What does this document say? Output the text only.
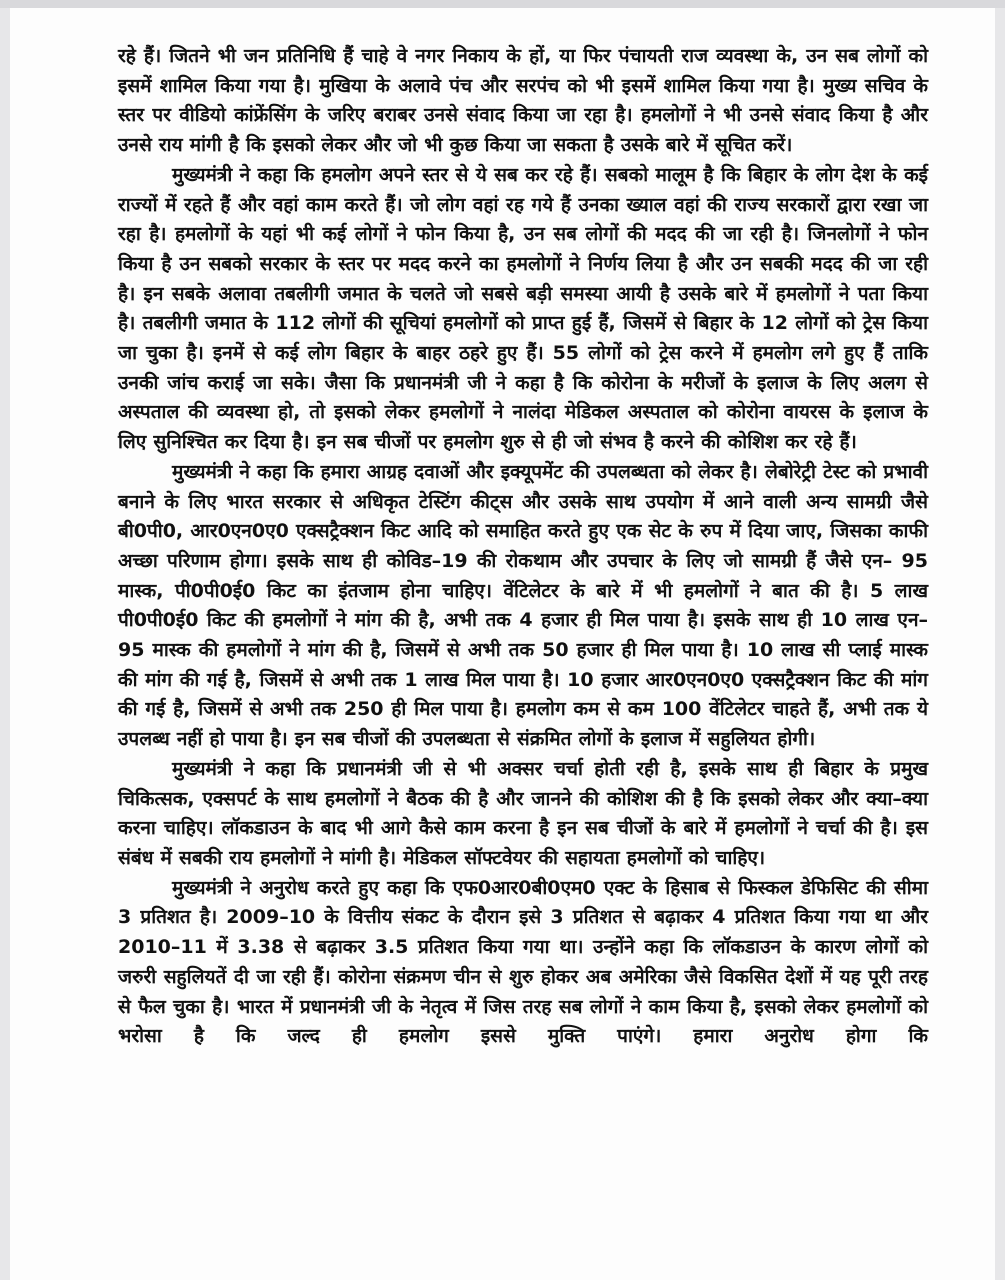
रहे हैं। जितने भी जन प्रतिनिधि हैं चाहे वे नगर निकाय के हों, या फिर पंचायती राज व्यवस्था के, उन सब लोगों को इसमें शामिल किया गया है। मुखिया के अलावे पंच और सरपंच को भी इसमें शामिल किया गया है। मुख्य सचिव के स्तर पर वीडियो कांफ्रेंसिंग के जरिए बराबर उनसे संवाद किया जा रहा है। हमलोगों ने भी उनसे संवाद किया है और उनसे राय मांगी है कि इसको लेकर और जो भी कुछ किया जा सकता है उसके बारे में सूचित करें।

मुख्यमंत्री ने कहा कि हमलोग अपने स्तर से ये सब कर रहे हैं। सबको मालूम है कि बिहार के लोग देश के कई राज्यों में रहते हैं और वहां काम करते हैं। जो लोग वहां रह गये हैं उनका ख्याल वहां की राज्य सरकारों द्वारा रखा जा रहा है। हमलोगों के यहां भी कई लोगों ने फोन किया है, उन सब लोगों की मदद की जा रही है। जिनलोगों ने फोन किया है उन सबको सरकार के स्तर पर मदद करने का हमलोगों ने निर्णय लिया है और उन सबकी मदद की जा रही है। इन सबके अलावा तबलीगी जमात के चलते जो सबसे बड़ी समस्या आयी है उसके बारे में हमलोगों ने पता किया है। तबलीगी जमात के 112 लोगों की सूचियां हमलोगों को प्राप्त हुई हैं, जिसमें से बिहार के 12 लोगों को ट्रेस किया जा चुका है। इनमें से कई लोग बिहार के बाहर ठहरे हुए हैं। 55 लोगों को ट्रेस करने में हमलोग लगे हुए हैं ताकि उनकी जांच कराई जा सके। जैसा कि प्रधानमंत्री जी ने कहा है कि कोरोना के मरीजों के इलाज के लिए अलग से अस्पताल की व्यवस्था हो, तो इसको लेकर हमलोगों ने नालंदा मेडिकल अस्पताल को कोरोना वायरस के इलाज के लिए सुनिश्चित कर दिया है। इन सब चीजों पर हमलोग शुरु से ही जो संभव है करने की कोशिश कर रहे हैं।

मुख्यमंत्री ने कहा कि हमारा आग्रह दवाओं और इक्यूपमेंट की उपलब्धता को लेकर है। लेबोरेट्री टेस्ट को प्रभावी बनाने के लिए भारत सरकार से अधिकृत टेस्टिंग कीट्स और उसके साथ उपयोग में आने वाली अन्य सामग्री जैसे बी0पी0, आर0एन0ए0 एक्सट्रैक्शन किट आदि को समाहित करते हुए एक सेट के रुप में दिया जाए, जिसका काफी अच्छा परिणाम होगा। इसके साथ ही कोविड–19 की रोकथाम और उपचार के लिए जो सामग्री हैं जैसे एन– 95 मास्क, पी0पी0ई0 किट का इंतजाम होना चाहिए। वेंटिलेटर के बारे में भी हमलोगों ने बात की है। 5 लाख पी0पी0ई0 किट की हमलोगों ने मांग की है, अभी तक 4 हजार ही मिल पाया है। इसके साथ ही 10 लाख एन– 95 मास्क की हमलोगों ने मांग की है, जिसमें से अभी तक 50 हजार ही मिल पाया है। 10 लाख सी प्लाई मास्क की मांग की गई है, जिसमें से अभी तक 1 लाख मिल पाया है। 10 हजार आर0एन0ए0 एक्सट्रैक्शन किट की मांग की गई है, जिसमें से अभी तक 250 ही मिल पाया है। हमलोग कम से कम 100 वेंटिलेटर चाहते हैं, अभी तक ये उपलब्ध नहीं हो पाया है। इन सब चीजों की उपलब्धता से संक्रमित लोगों के इलाज में सहुलियत होगी।

मुख्यमंत्री ने कहा कि प्रधानमंत्री जी से भी अक्सर चर्चा होती रही है, इसके साथ ही बिहार के प्रमुख चिकित्सक, एक्सपर्ट के साथ हमलोगों ने बैठक की है और जानने की कोशिश की है कि इसको लेकर और क्या–क्या करना चाहिए। लॉकडाउन के बाद भी आगे कैसे काम करना है इन सब चीजों के बारे में हमलोगों ने चर्चा की है। इस संबंध में सबकी राय हमलोगों ने मांगी है। मेडिकल सॉफ्टवेयर की सहायता हमलोगों को चाहिए।

मुख्यमंत्री ने अनुरोध करते हुए कहा कि एफ0आर0बी0एम0 एक्ट के हिसाब से फिस्कल डेफिसिट की सीमा 3 प्रतिशत है। 2009–10 के वित्तीय संकट के दौरान इसे 3 प्रतिशत से बढ़ाकर 4 प्रतिशत किया गया था और 2010–11 में 3.38 से बढ़ाकर 3.5 प्रतिशत किया गया था। उन्होंने कहा कि लॉकडाउन के कारण लोगों को जरुरी सहुलियतें दी जा रही हैं। कोरोना संक्रमण चीन से शुरु होकर अब अमेरिका जैसे विकसित देशों में यह पूरी तरह से फैल चुका है। भारत में प्रधानमंत्री जी के नेतृत्व में जिस तरह सब लोगों ने काम किया है, इसको लेकर हमलोगों को भरोसा है कि जल्द ही हमलोग इससे मुक्ति पाएंगे। हमारा अनुरोध होगा कि
